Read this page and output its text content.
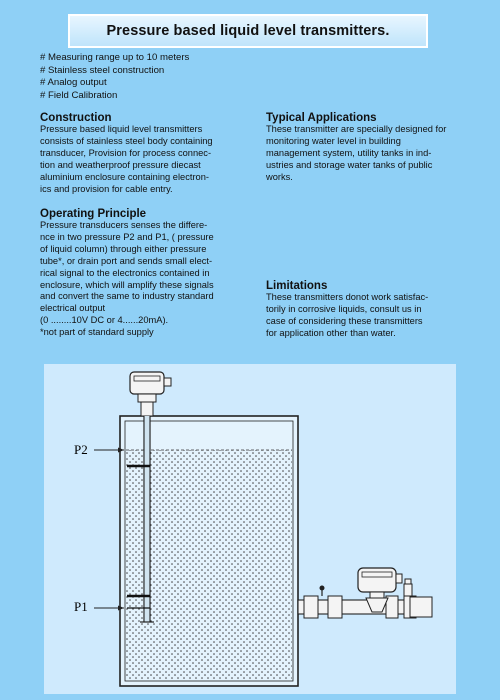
Pressure based liquid level transmitters.
# Measuring range up to 10 meters
# Stainless steel construction
# Analog output
# Field Calibration
Construction

Pressure based liquid level transmitters
consists of stainless steel body containing
transducer, Provision for process connec-
tion and weatherproof pressure diecast
aluminium enclosure containing electron-
ics and provision for cable entry.

Operating Principle

Pressure transducers senses the differe-
nce in two pressure P2 and P1, ( pressure
of liquid column) through either pressure
tube*, or drain port and sends small elect-
rical signal to the electronics contained in
enclosure, which will amplify these signals
and convert the same to industry standard
electrical output
(0 ........10V DC or 4......20mA).
*not part of standard supply

Typical Applications

These transmitter are specially designed for
monitoring water level in building
management system, utility tanks in ind-
ustries and storage water tanks of public
works.

Limitations

These transmitters donot work satisfac-
torily in corrosive liquids, consult us in
case of considering these transmitters
for application other than water.

P2
P1
